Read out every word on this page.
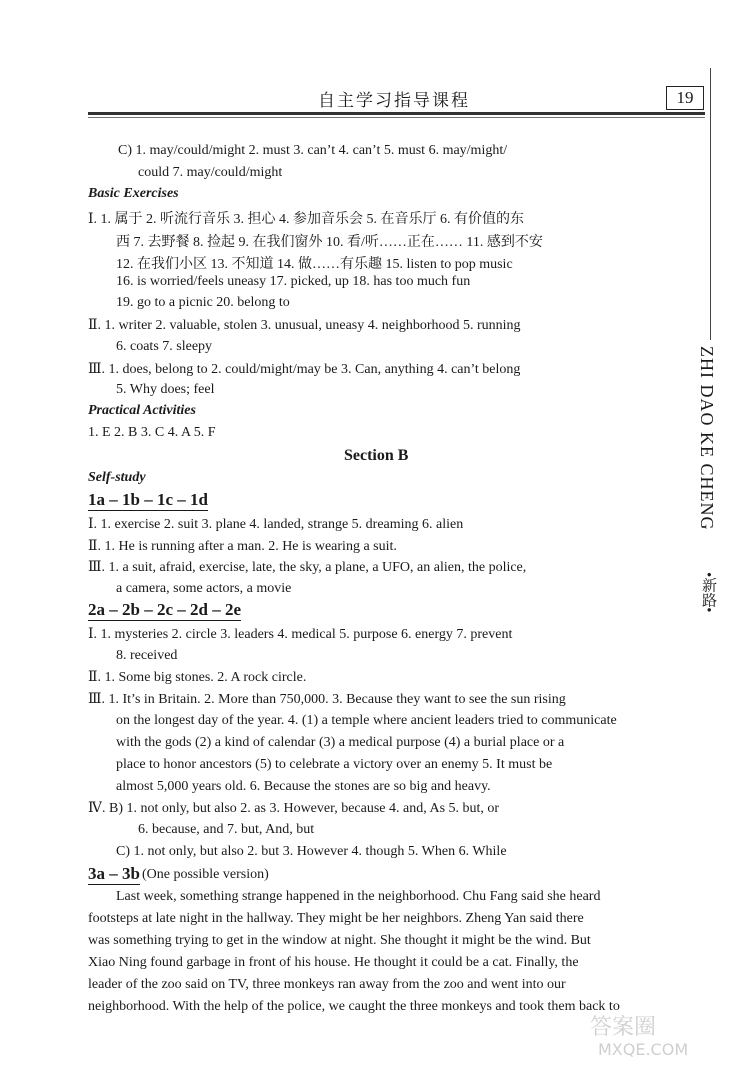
自主学习指导课程	19
ZHI DAO KE CHENG
•新路•
C) 1. may/could/might 2. must 3. can’t 4. can’t 5. must 6. may/might/
could 7. may/could/might
Basic Exercises
Ⅰ. 1. 属于 2. 听流行音乐 3. 担心 4. 参加音乐会 5. 在音乐厅 6. 有价值的东
西 7. 去野餐 8. 捡起 9. 在我们窗外 10. 看/听……正在…… 11. 感到不安
12. 在我们小区 13. 不知道 14. 做……有乐趣 15. listen to pop music
16. is worried/feels uneasy 17. picked, up 18. has too much fun
19. go to a picnic 20. belong to
Ⅱ. 1. writer 2. valuable, stolen 3. unusual, uneasy 4. neighborhood 5. running
6. coats 7. sleepy
Ⅲ. 1. does, belong to 2. could/might/may be 3. Can, anything 4. can’t belong
5. Why does; feel
Practical Activities
1. E 2. B 3. C 4. A 5. F
Section B
Self-study
1a – 1b – 1c – 1d
Ⅰ. 1. exercise 2. suit 3. plane 4. landed, strange 5. dreaming 6. alien
Ⅱ. 1. He is running after a man. 2. He is wearing a suit.
Ⅲ. 1. a suit, afraid, exercise, late, the sky, a plane, a UFO, an alien, the police,
a camera, some actors, a movie
2a – 2b – 2c – 2d – 2e
Ⅰ. 1. mysteries 2. circle 3. leaders 4. medical 5. purpose 6. energy 7. prevent
8. received
Ⅱ. 1. Some big stones. 2. A rock circle.
Ⅲ. 1. It’s in Britain. 2. More than 750,000. 3. Because they want to see the sun rising
on the longest day of the year. 4. (1) a temple where ancient leaders tried to communicate
with the gods (2) a kind of calendar (3) a medical purpose (4) a burial place or a
place to honor ancestors (5) to celebrate a victory over an enemy 5. It must be
almost 5,000 years old. 6. Because the stones are so big and heavy.
Ⅳ. B) 1. not only, but also 2. as 3. However, because 4. and, As 5. but, or
6. because, and 7. but, And, but
C) 1. not only, but also 2. but 3. However 4. though 5. When 6. While
3a – 3b (One possible version)
Last week, something strange happened in the neighborhood. Chu Fang said she heard
footsteps at late night in the hallway. They might be her neighbors. Zheng Yan said there
was something trying to get in the window at night. She thought it might be the wind. But
Xiao Ning found garbage in front of his house. He thought it could be a cat. Finally, the
leader of the zoo said on TV, three monkeys ran away from the zoo and went into our
neighborhood. With the help of the police, we caught the three monkeys and took them back to
答案圈
MXQE.COM
